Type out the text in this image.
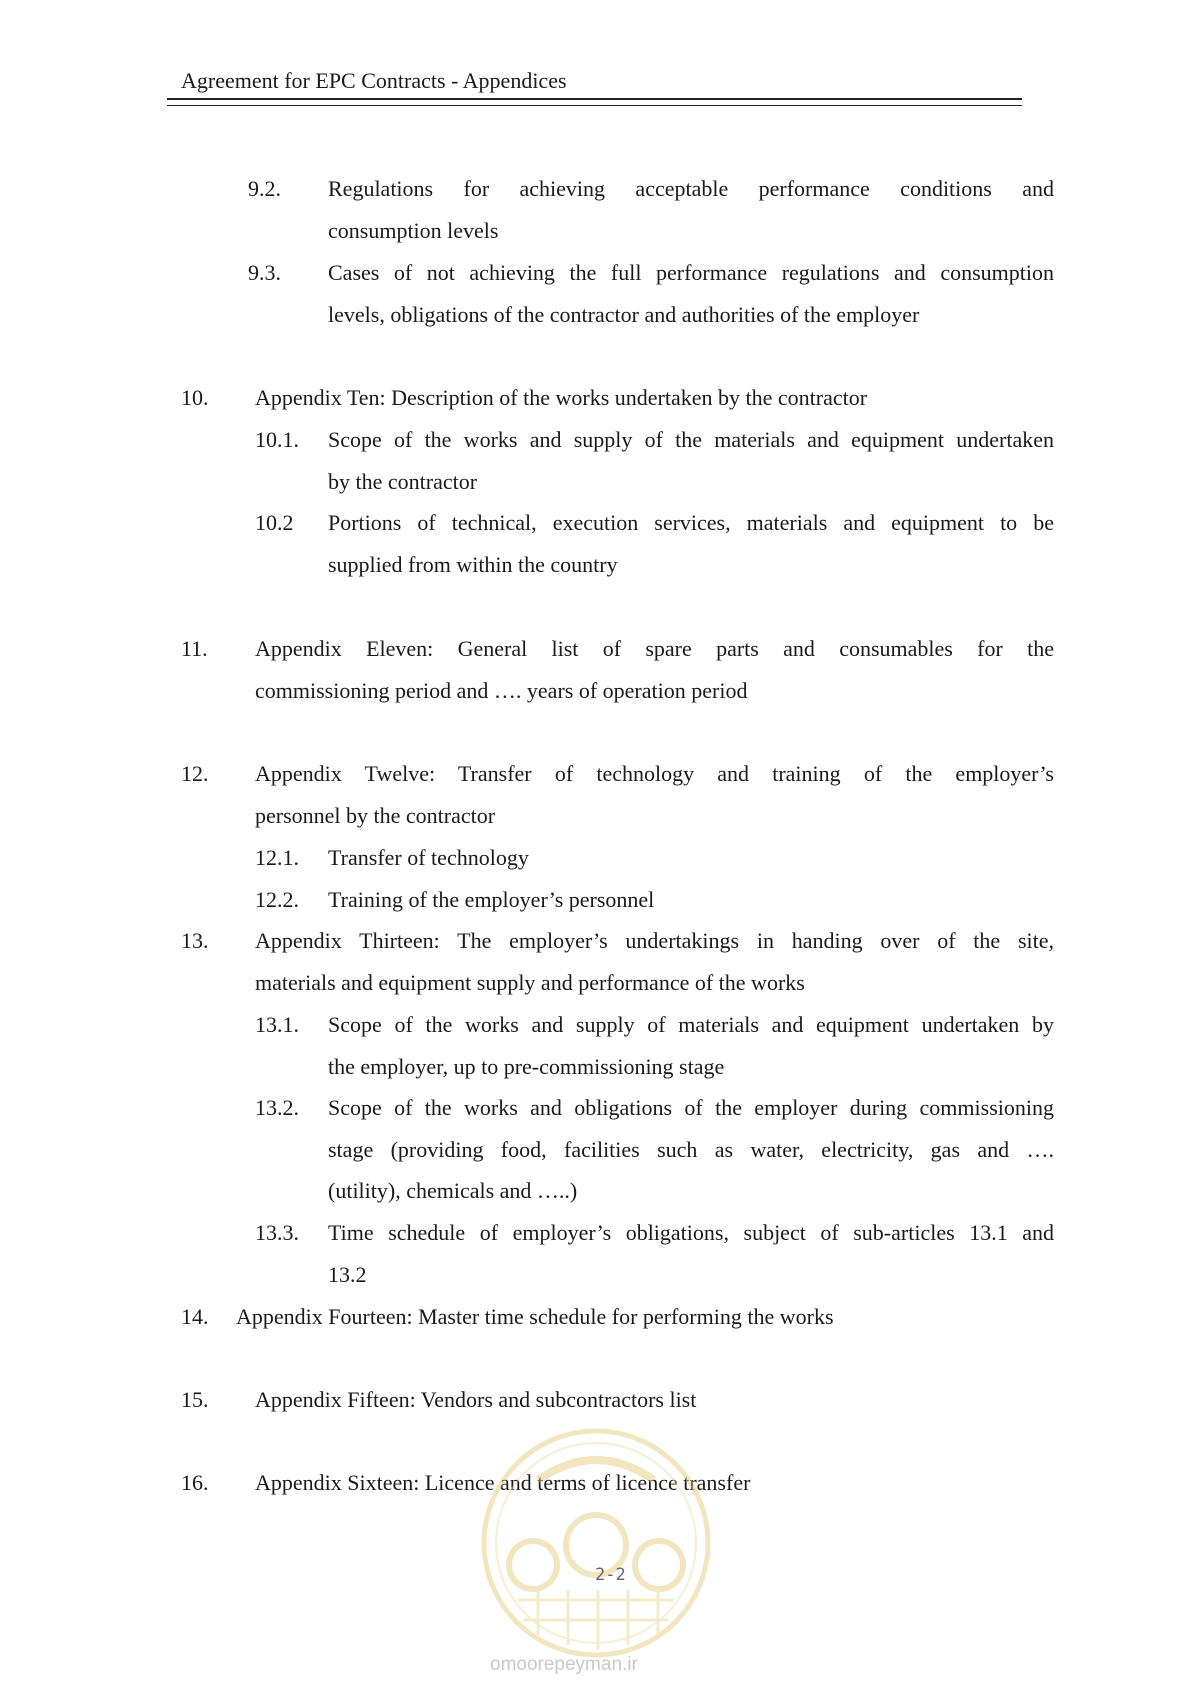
Agreement for EPC Contracts - Appendices
9.2. Regulations for achieving acceptable performance conditions and
consumption levels
9.3. Cases of not achieving the full performance regulations and consumption
levels, obligations of the contractor and authorities of the employer
10. Appendix Ten: Description of the works undertaken by the contractor
10.1. Scope of the works and supply of the materials and equipment undertaken
by the contractor
10.2 Portions of technical, execution services, materials and equipment to be
supplied from within the country
11. Appendix Eleven: General list of spare parts and consumables for the
commissioning period and …. years of operation period
12. Appendix Twelve: Transfer of technology and training of the employer’s
personnel by the contractor
12.1. Transfer of technology
12.2. Training of the employer’s personnel
13. Appendix Thirteen: The employer’s undertakings in handing over of the site,
materials and equipment supply and performance of the works
13.1. Scope of the works and supply of materials and equipment undertaken by
the employer, up to pre-commissioning stage
13.2. Scope of the works and obligations of the employer during commissioning
stage (providing food, facilities such as water, electricity, gas and ….
(utility), chemicals and …..)
13.3. Time schedule of employer’s obligations, subject of sub-articles 13.1 and
13.2
14. Appendix Fourteen: Master time schedule for performing the works
15. Appendix Fifteen: Vendors and subcontractors list
16. Appendix Sixteen: Licence and terms of licence transfer
2-2
omoorepeyman.ir
